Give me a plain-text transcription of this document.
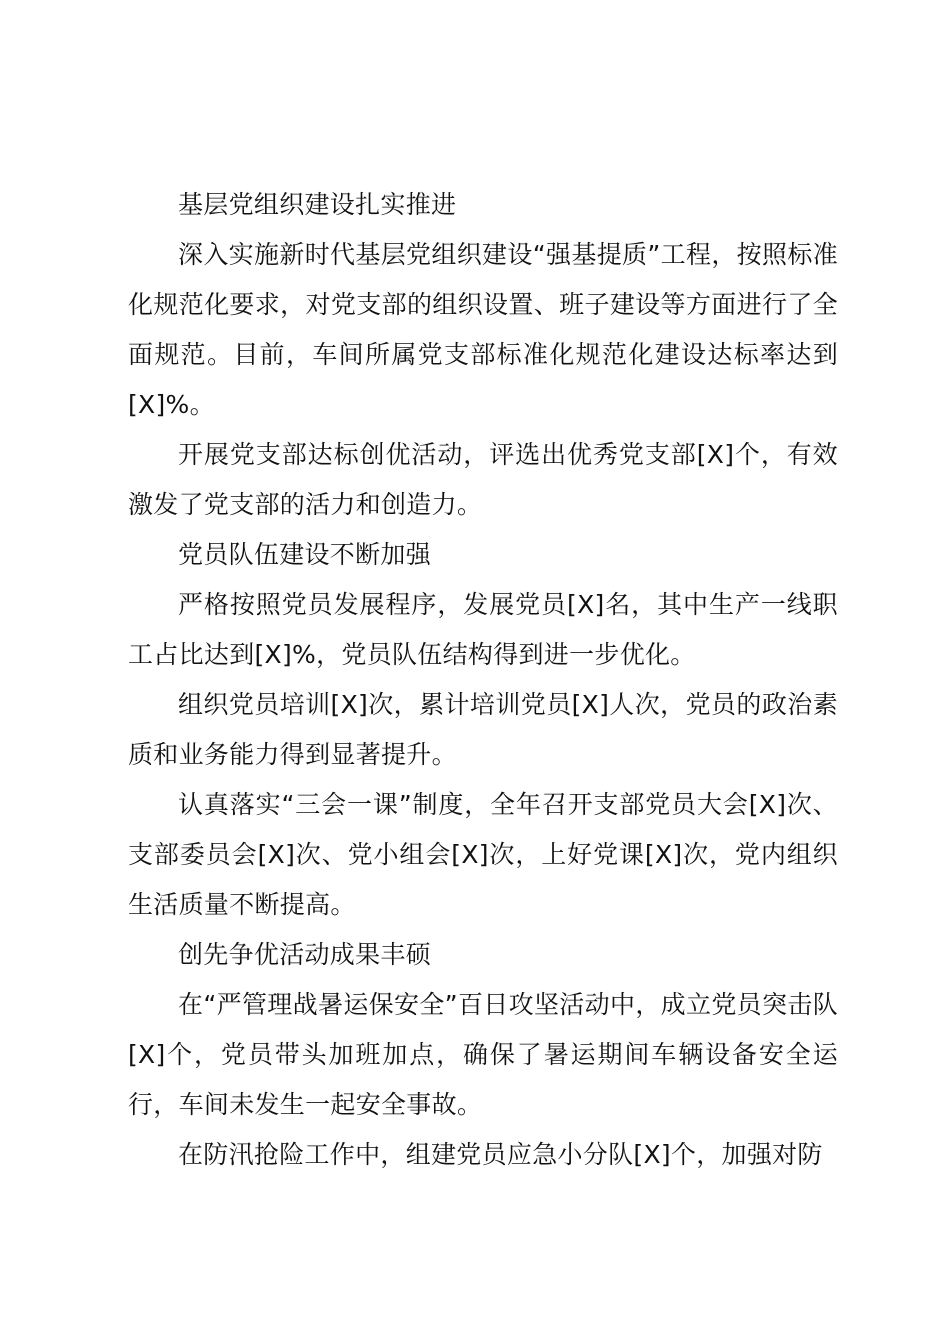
基层党组织建设扎实推进

深入实施新时代基层党组织建设“强基提质”工程，按照标准化规范化要求，对党支部的组织设置、班子建设等方面进行了全面规范。目前，车间所属党支部标准化规范化建设达标率达到[X]%。

开展党支部达标创优活动，评选出优秀党支部[X]个，有效激发了党支部的活力和创造力。

党员队伍建设不断加强

严格按照党员发展程序，发展党员[X]名，其中生产一线职工占比达到[X]%，党员队伍结构得到进一步优化。

组织党员培训[X]次，累计培训党员[X]人次，党员的政治素质和业务能力得到显著提升。

认真落实“三会一课”制度，全年召开支部党员大会[X]次、支部委员会[X]次、党小组会[X]次，上好党课[X]次，党内组织生活质量不断提高。

创先争优活动成果丰硕

在“严管理战暑运保安全”百日攻坚活动中，成立党员突击队[X]个，党员带头加班加点，确保了暑运期间车辆设备安全运行，车间未发生一起安全事故。

在防汛抢险工作中，组建党员应急小分队[X]个，加强对防
